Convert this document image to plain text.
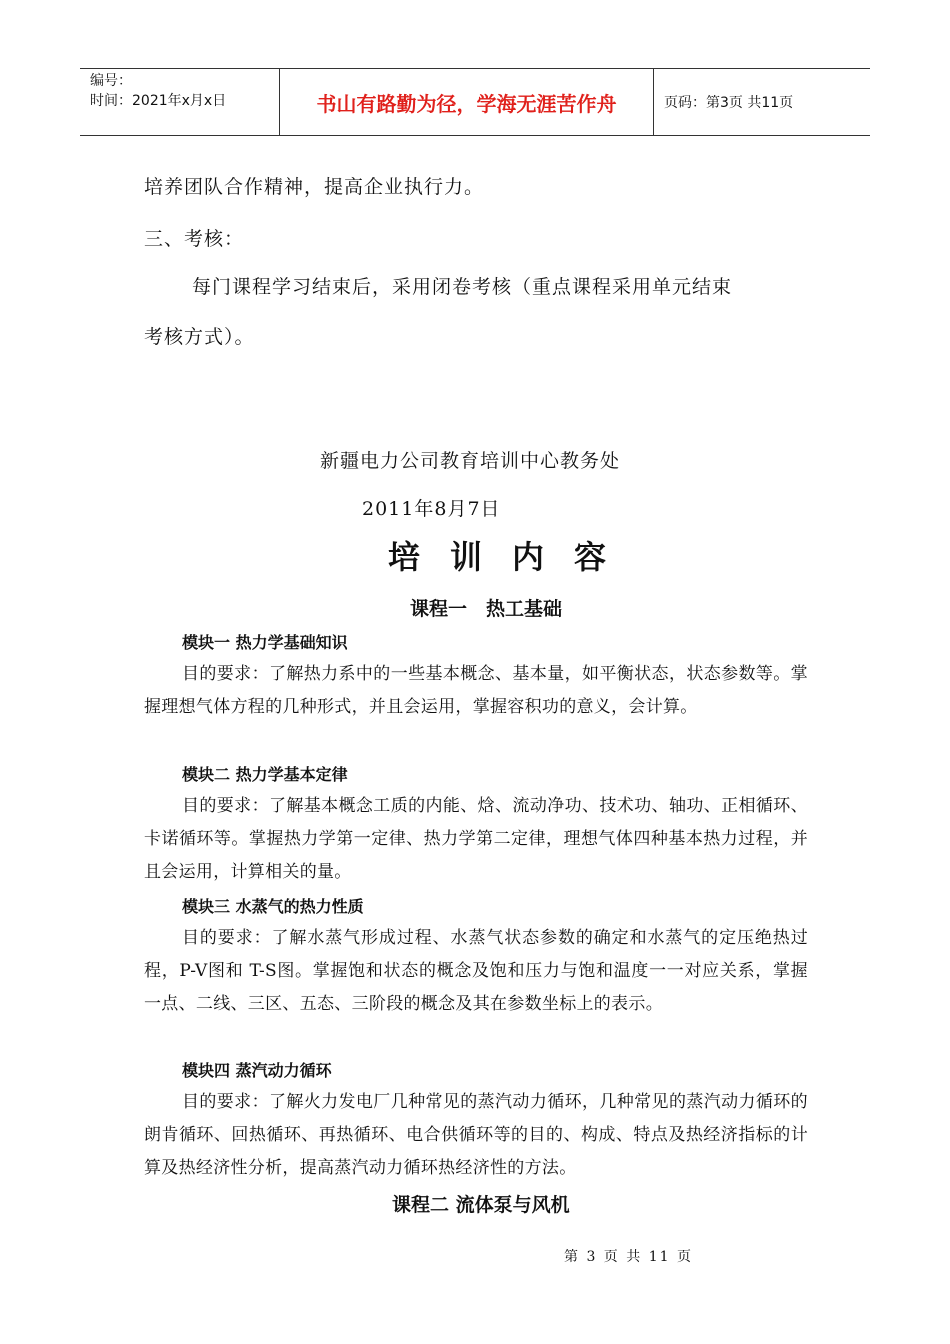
编号：
时间：2021年x月x日	书山有路勤为径，学海无涯苦作舟	页码：第3页 共11页
培养团队合作精神，提高企业执行力。
三、考核：
每门课程学习结束后，采用闭卷考核（重点课程采用单元结束
考核方式）。
新疆电力公司教育培训中心教务处
2011年8月7日
培训内容
课程一　热工基础
模块一 热力学基础知识
目的要求：了解热力系中的一些基本概念、基本量，如平衡状态，状态参数等。掌握理想气体方程的几种形式，并且会运用，掌握容积功的意义，会计算。
模块二 热力学基本定律
目的要求：了解基本概念工质的内能、焓、流动净功、技术功、轴功、正相循环、卡诺循环等。掌握热力学第一定律、热力学第二定律，理想气体四种基本热力过程，并且会运用，计算相关的量。
模块三 水蒸气的热力性质
目的要求：了解水蒸气形成过程、水蒸气状态参数的确定和水蒸气的定压绝热过程，P-V图和 T-S图。掌握饱和状态的概念及饱和压力与饱和温度一一对应关系，掌握一点、二线、三区、五态、三阶段的概念及其在参数坐标上的表示。
模块四 蒸汽动力循环
目的要求：了解火力发电厂几种常见的蒸汽动力循环，几种常见的蒸汽动力循环的朗肯循环、回热循环、再热循环、电合供循环等的目的、构成、特点及热经济指标的计算及热经济性分析，提高蒸汽动力循环热经济性的方法。
课程二 流体泵与风机
第 3 页 共 11 页
